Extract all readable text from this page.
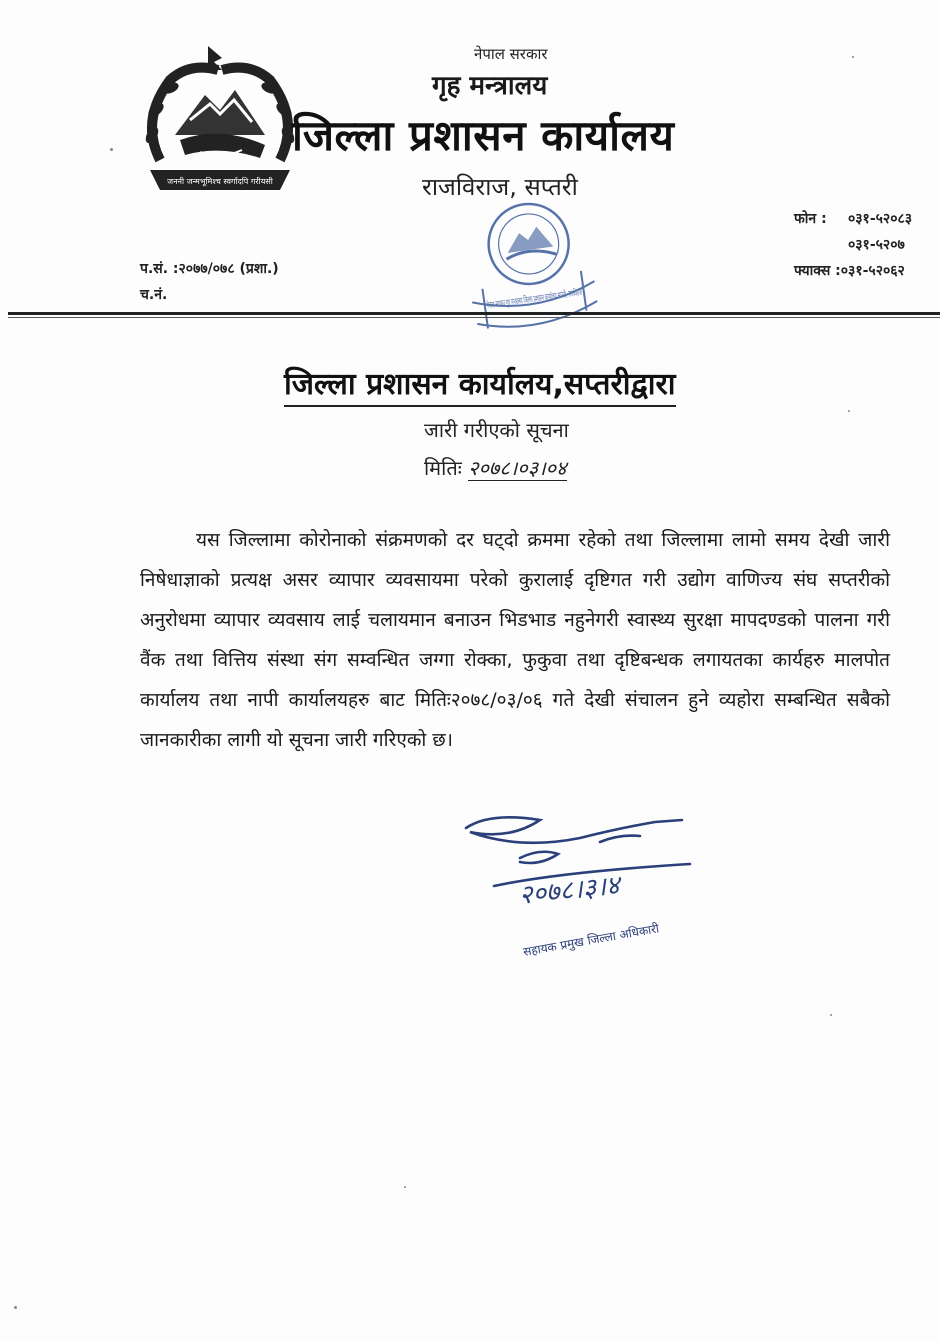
जननी जन्मभूमिश्च स्वर्गादपि गरीयसी
नेपाल सरकार
गृह मन्त्रालय
जिल्ला प्रशासन कार्यालय
राजविराज, सप्तरी
फोन : ०३१-५२०८३
०३१-५२०७
फ्याक्स :०३१-५२०६२
प.सं. :२०७७/०७८ (प्रशा.)
च.नं.	नेपाल सरकार गृह मन्त्रालय जिल्ला प्रशासन कार्यालय सप्तरी, राजविराज
जिल्ला प्रशासन कार्यालय,सप्तरीद्वारा
जारी गरीएको सूचना
मितिः २०७८।०३।०४

यस जिल्लामा कोरोनाको संक्रमणको दर घट्दो क्रममा रहेको तथा जिल्लामा लामो समय देखी जारी निषेधाज्ञाको प्रत्यक्ष असर व्यापार व्यवसायमा परेको कुरालाई दृष्टिगत गरी उद्योग वाणिज्य संघ सप्तरीको अनुरोधमा व्यापार व्यवसाय लाई चलायमान बनाउन भिडभाड नहुनेगरी स्वास्थ्य सुरक्षा मापदण्डको पालना गरी वैंक तथा वित्तिय संस्था संग सम्वन्धित जग्गा रोक्का, फुकुवा तथा दृष्टिबन्धक लगायतका कार्यहरु मालपोत कार्यालय तथा नापी कार्यालयहरु बाट मितिः२०७८/०३/०६ गते देखी संचालन हुने व्यहोरा सम्बन्धित सबैको जानकारीका लागी यो सूचना जारी गरिएको छ।

२०७८।३।४
सहायक प्रमुख जिल्ला अधिकारी
